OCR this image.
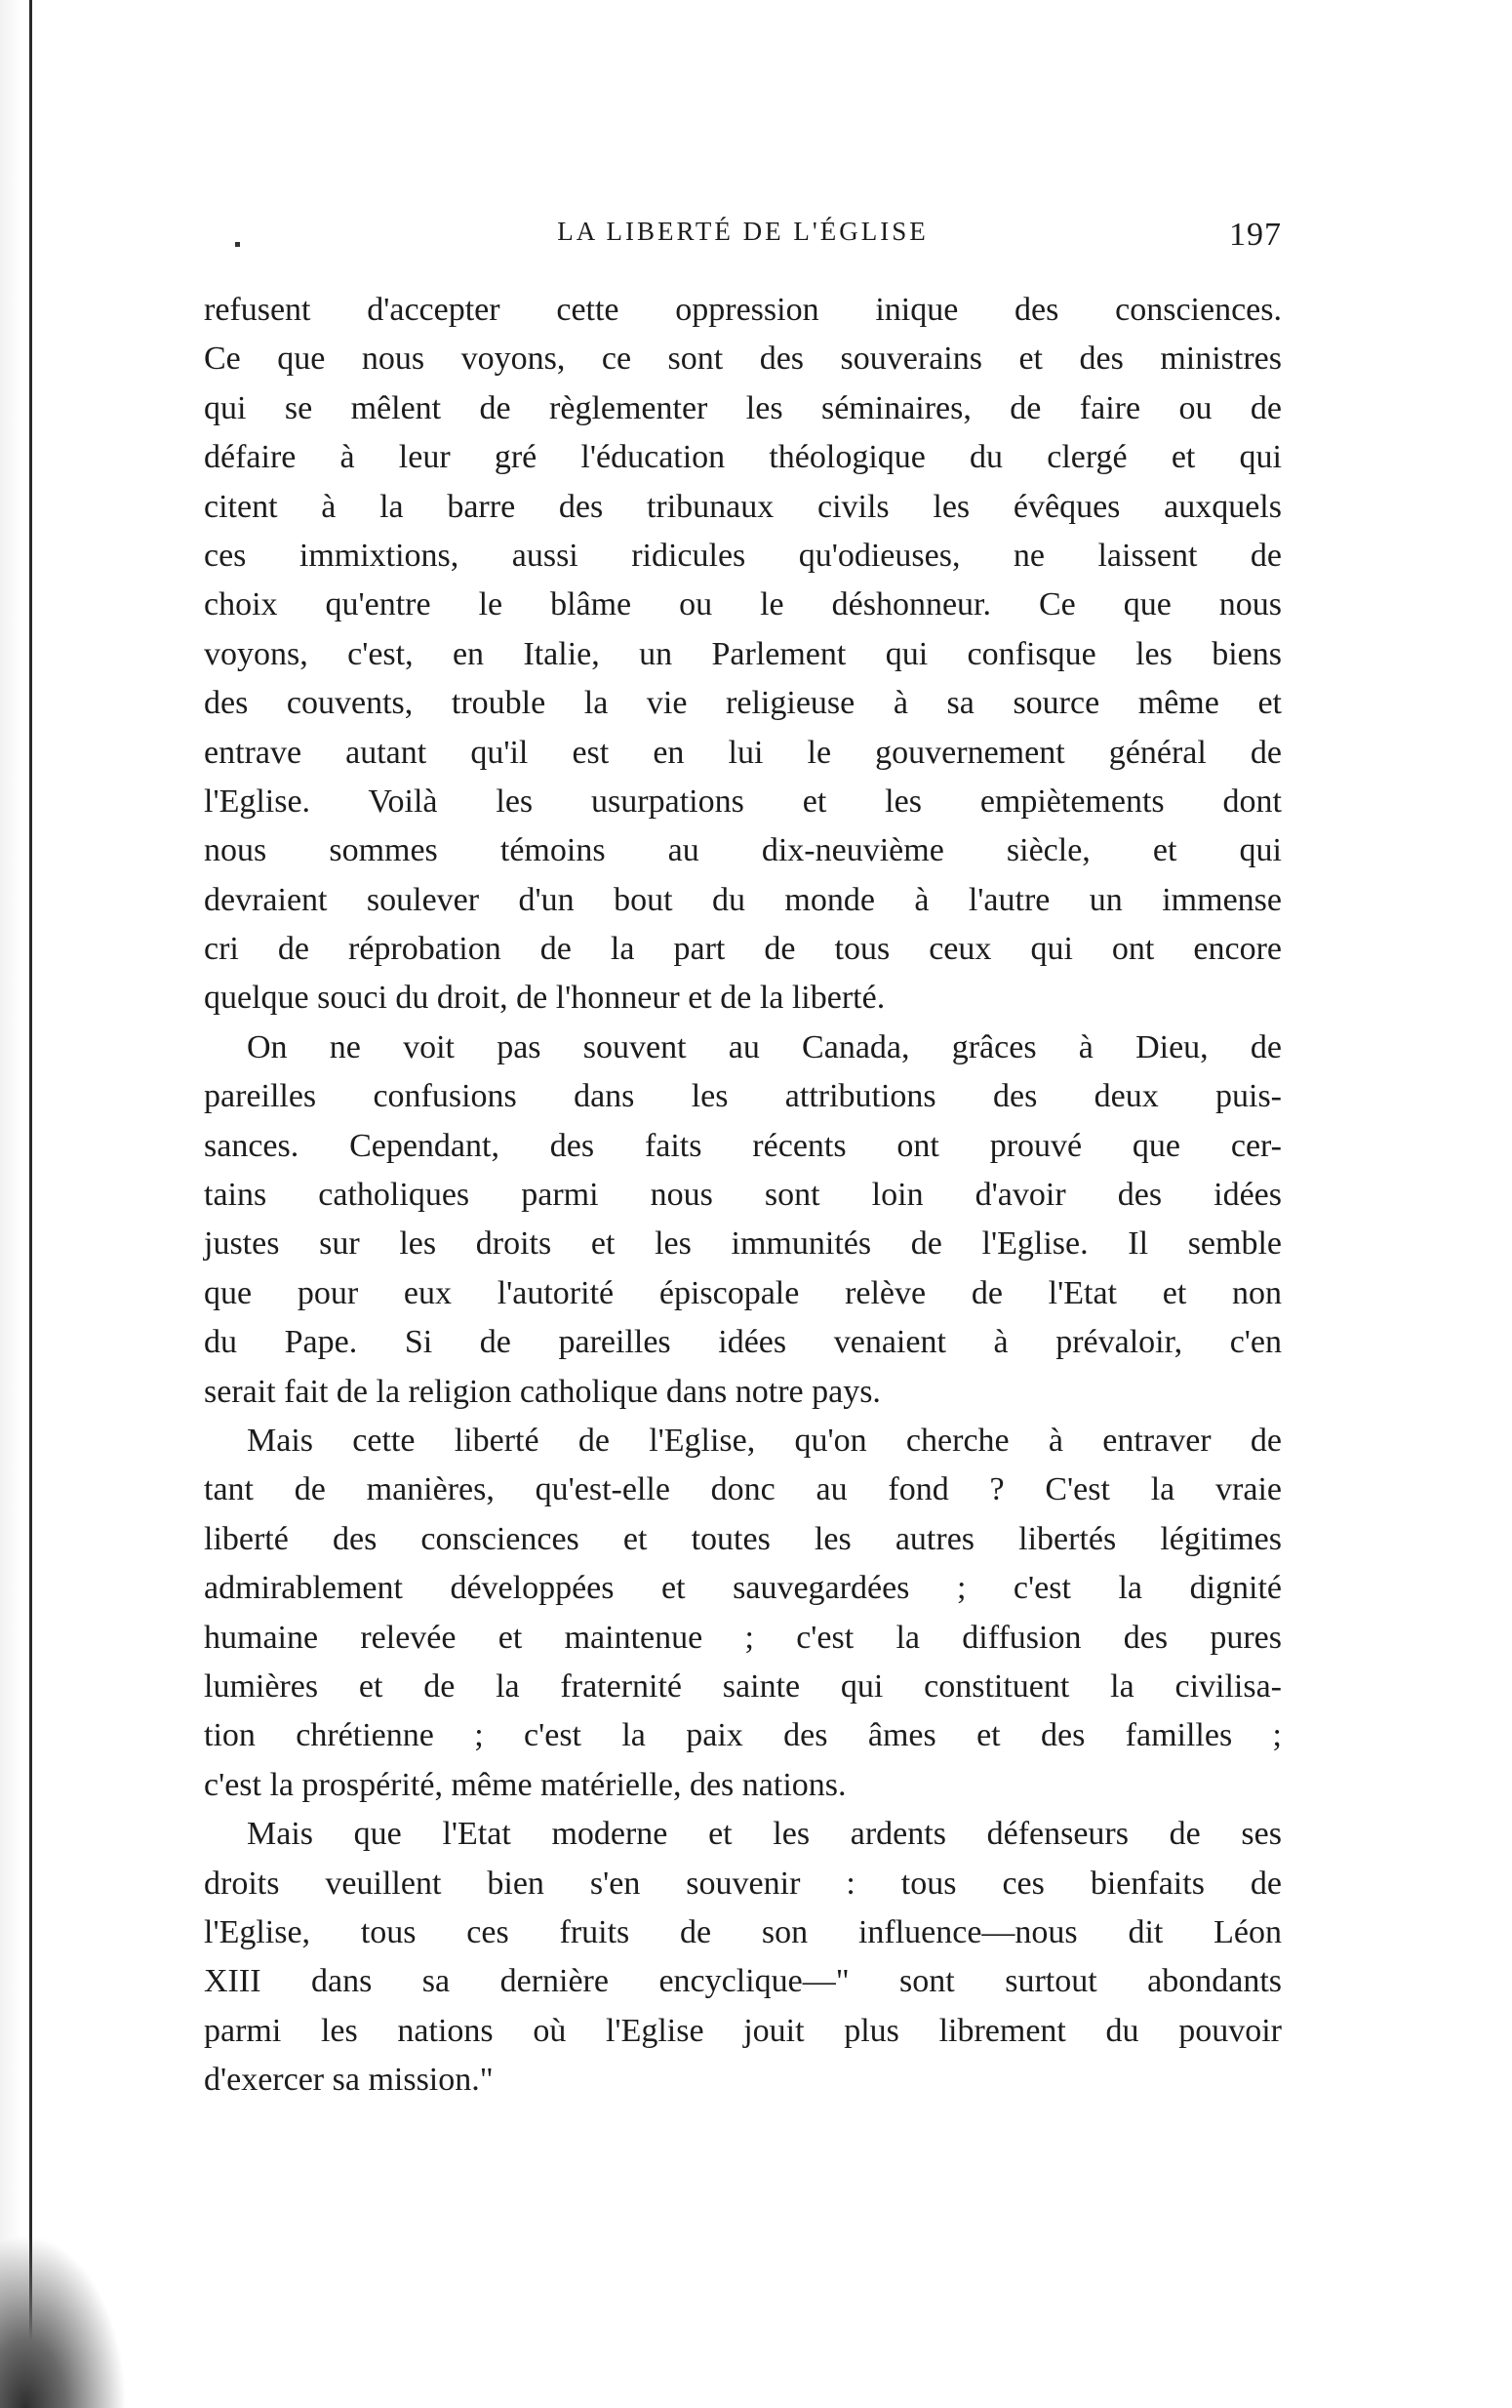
LA LIBERTÉ DE L'ÉGLISE	197
refusent d'accepter cette oppression inique des consciences.
Ce que nous voyons, ce sont des souverains et des ministres
qui se mêlent de règlementer les séminaires, de faire ou de
défaire à leur gré l'éducation théologique du clergé et qui
citent à la barre des tribunaux civils les évêques auxquels
ces immixtions, aussi ridicules qu'odieuses, ne laissent de
choix qu'entre le blâme ou le déshonneur. Ce que nous
voyons, c'est, en Italie, un Parlement qui confisque les biens
des couvents, trouble la vie religieuse à sa source même et
entrave autant qu'il est en lui le gouvernement général de
l'Eglise. Voilà les usurpations et les empiètements dont
nous sommes témoins au dix-neuvième siècle, et qui
devraient soulever d'un bout du monde à l'autre un immense
cri de réprobation de la part de tous ceux qui ont encore
quelque souci du droit, de l'honneur et de la liberté.
On ne voit pas souvent au Canada, grâces à Dieu, de
pareilles confusions dans les attributions des deux puis-
sances. Cependant, des faits récents ont prouvé que cer-
tains catholiques parmi nous sont loin d'avoir des idées
justes sur les droits et les immunités de l'Eglise. Il semble
que pour eux l'autorité épiscopale relève de l'Etat et non
du Pape. Si de pareilles idées venaient à prévaloir, c'en
serait fait de la religion catholique dans notre pays.
Mais cette liberté de l'Eglise, qu'on cherche à entraver de
tant de manières, qu'est-elle donc au fond ? C'est la vraie
liberté des consciences et toutes les autres libertés légitimes
admirablement développées et sauvegardées ; c'est la dignité
humaine relevée et maintenue ; c'est la diffusion des pures
lumières et de la fraternité sainte qui constituent la civilisa-
tion chrétienne ; c'est la paix des âmes et des familles ;
c'est la prospérité, même matérielle, des nations.
Mais que l'Etat moderne et les ardents défenseurs de ses
droits veuillent bien s'en souvenir : tous ces bienfaits de
l'Eglise, tous ces fruits de son influence—nous dit Léon
XIII dans sa dernière encyclique—" sont surtout abondants
parmi les nations où l'Eglise jouit plus librement du pouvoir
d'exercer sa mission."
